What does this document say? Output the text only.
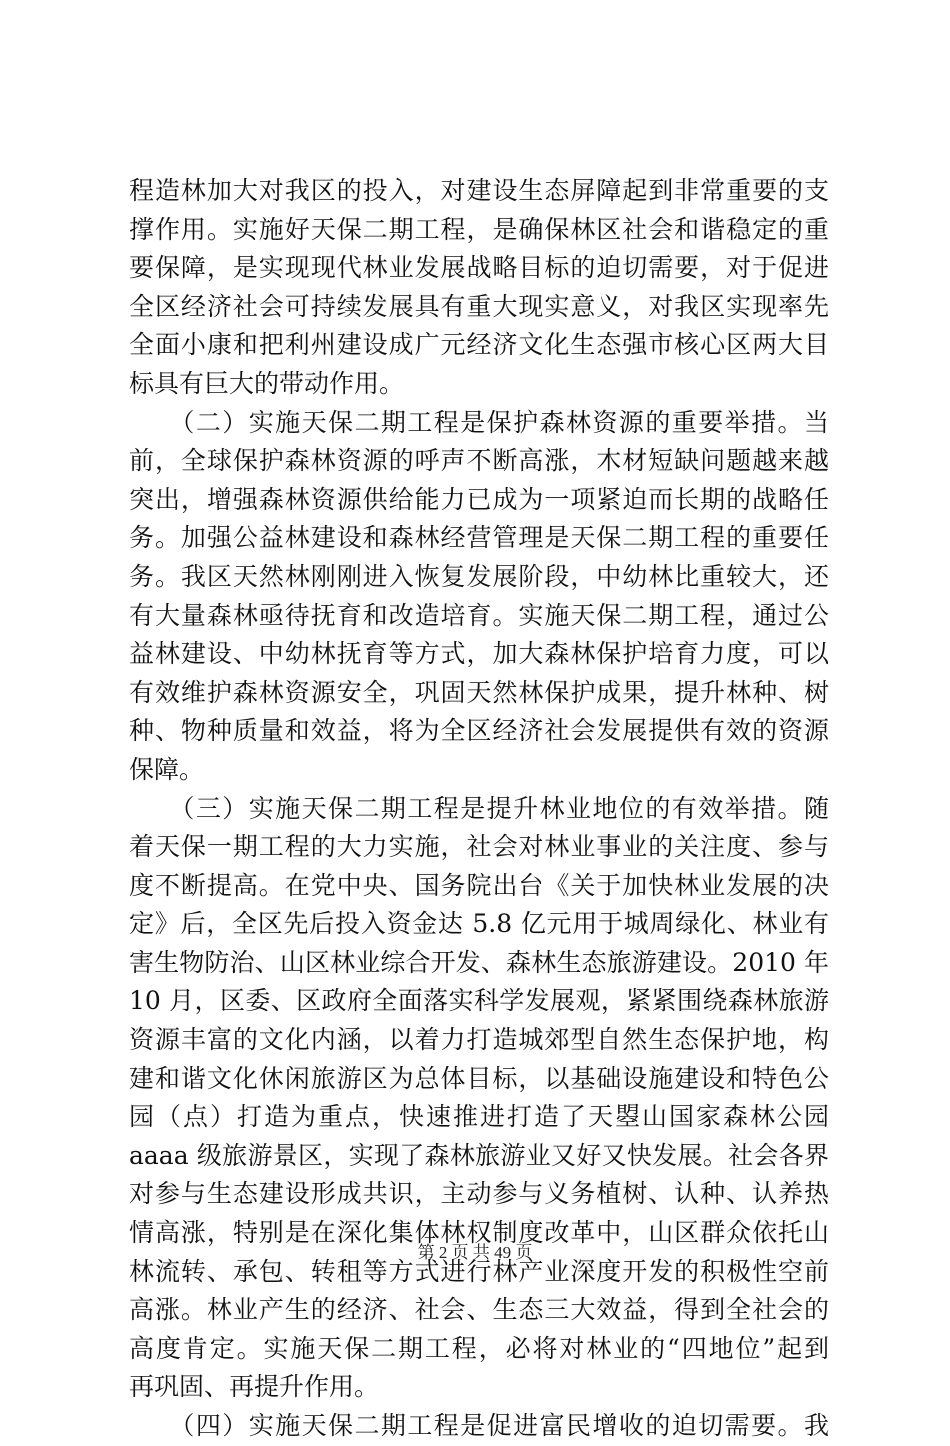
程造林加大对我区的投入，对建设生态屏障起到非常重要的支
撑作用。实施好天保二期工程，是确保林区社会和谐稳定的重
要保障，是实现现代林业发展战略目标的迫切需要，对于促进
全区经济社会可持续发展具有重大现实意义，对我区实现率先
全面小康和把利州建设成广元经济文化生态强市核心区两大目
标具有巨大的带动作用。
　　（二）实施天保二期工程是保护森林资源的重要举措。当
前，全球保护森林资源的呼声不断高涨，木材短缺问题越来越
突出，增强森林资源供给能力已成为一项紧迫而长期的战略任
务。加强公益林建设和森林经营管理是天保二期工程的重要任
务。我区天然林刚刚进入恢复发展阶段，中幼林比重较大，还
有大量森林亟待抚育和改造培育。实施天保二期工程，通过公
益林建设、中幼林抚育等方式，加大森林保护培育力度，可以
有效维护森林资源安全，巩固天然林保护成果，提升林种、树
种、物种质量和效益，将为全区经济社会发展提供有效的资源
保障。
　　（三）实施天保二期工程是提升林业地位的有效举措。随
着天保一期工程的大力实施，社会对林业事业的关注度、参与
度不断提高。在党中央、国务院出台《关于加快林业发展的决
定》后，全区先后投入资金达 5.8 亿元用于城周绿化、林业有
害生物防治、山区林业综合开发、森林生态旅游建设。2010 年
10 月，区委、区政府全面落实科学发展观，紧紧围绕森林旅游
资源丰富的文化内涵，以着力打造城郊型自然生态保护地，构
建和谐文化休闲旅游区为总体目标，以基础设施建设和特色公
园（点）打造为重点，快速推进打造了天曌山国家森林公园
aaaa 级旅游景区，实现了森林旅游业又好又快发展。社会各界
对参与生态建设形成共识，主动参与义务植树、认种、认养热
情高涨，特别是在深化集体林权制度改革中，山区群众依托山
林流转、承包、转租等方式进行林产业深度开发的积极性空前
高涨。林业产生的经济、社会、生态三大效益，得到全社会的
高度肯定。实施天保二期工程，必将对林业的“四地位”起到
再巩固、再提升作用。
　　（四）实施天保二期工程是促进富民增收的迫切需要。我
第 2 页 共 49 页
